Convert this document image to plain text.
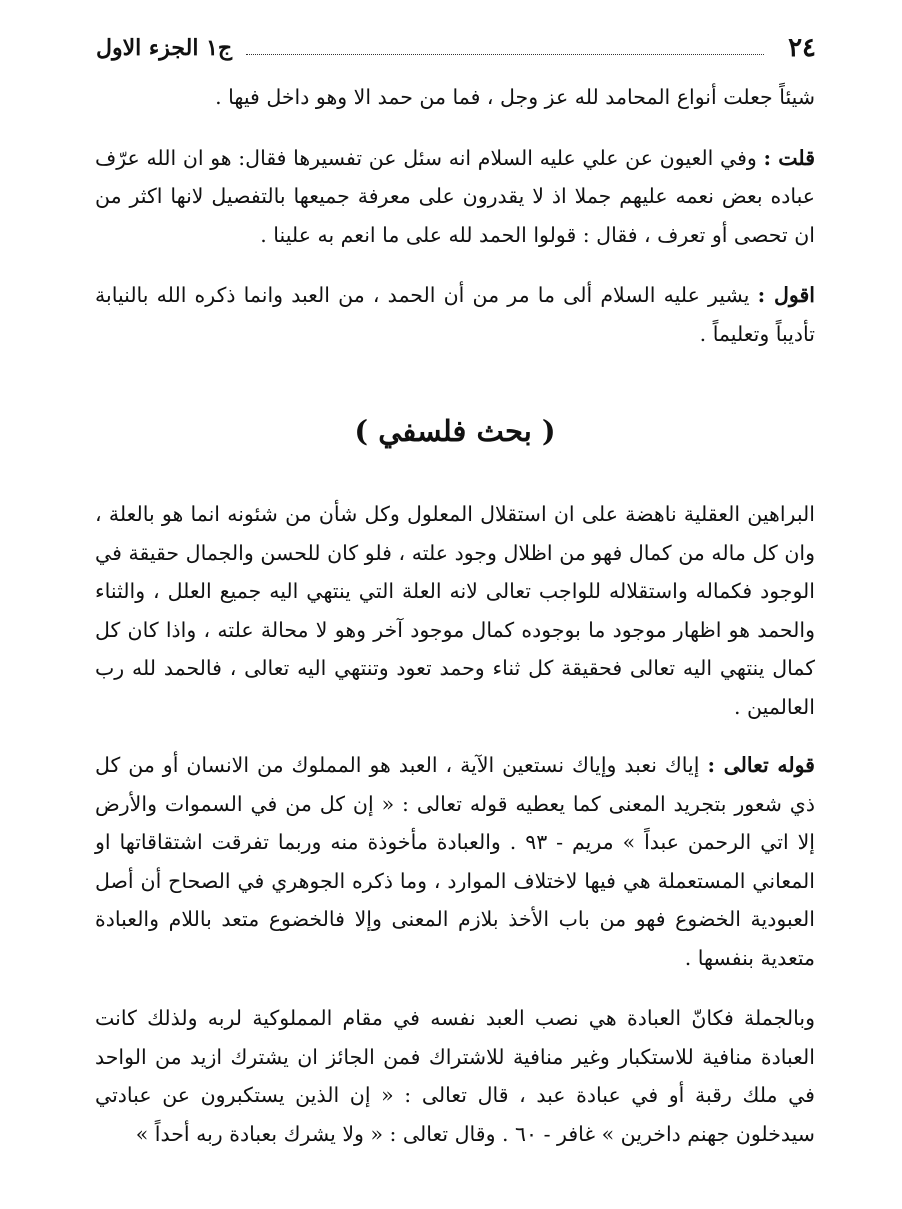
٢٤
ج١ الجزء الاول

شيئاً جعلت أنواع المحامد لله عز وجل ، فما من حمد الا وهو داخل فيها .

قلت : وفي العيون عن علي عليه السلام انه سئل عن تفسيرها فقال: هو ان الله عرّف عباده بعض نعمه عليهم جملا اذ لا يقدرون على معرفة جميعها بالتفصيل لانها اكثر من ان تحصى أو تعرف ، فقال : قولوا الحمد لله على ما انعم به علينا .

اقول : يشير عليه السلام ألى ما مر من أن الحمد ، من العبد وانما ذكره الله بالنيابة تأديباً وتعليماً .

( بحث فلسفي )

البراهين العقلية ناهضة على ان استقلال المعلول وكل شأن من شئونه انما هو بالعلة ، وان كل ماله من كمال فهو من اظلال وجود علته ، فلو كان للحسن والجمال حقيقة في الوجود فكماله واستقلاله للواجب تعالى لانه العلة التي ينتهي اليه جميع العلل ، والثناء والحمد هو اظهار موجود ما بوجوده كمال موجود آخر وهو لا محالة علته ، واذا كان كل كمال ينتهي اليه تعالى فحقيقة كل ثناء وحمد تعود وتنتهي اليه تعالى ، فالحمد لله رب العالمين .

قوله تعالى : إياك نعبد وإياك نستعين الآية ، العبد هو المملوك من الانسان أو من كل ذي شعور بتجريد المعنى كما يعطيه قوله تعالى : « إن كل من في السموات والأرض إلا اتي الرحمن عبداً » مريم - ٩٣ . والعبادة مأخوذة منه وربما تفرقت اشتقاقاتها او المعاني المستعملة هي فيها لاختلاف الموارد ، وما ذكره الجوهري في الصحاح أن أصل العبودية الخضوع فهو من باب الأخذ بلازم المعنى وإلا فالخضوع متعد باللام والعبادة متعدية بنفسها .

وبالجملة فكانّ العبادة هي نصب العبد نفسه في مقام المملوكية لربه ولذلك كانت العبادة منافية للاستكبار وغير منافية للاشتراك فمن الجائز ان يشترك ازيد من الواحد في ملك رقبة أو في عبادة عبد ، قال تعالى : « إن الذين يستكبرون عن عبادتي سيدخلون جهنم داخرين » غافر - ٦٠ . وقال تعالى : « ولا يشرك بعبادة ربه أحداً »
